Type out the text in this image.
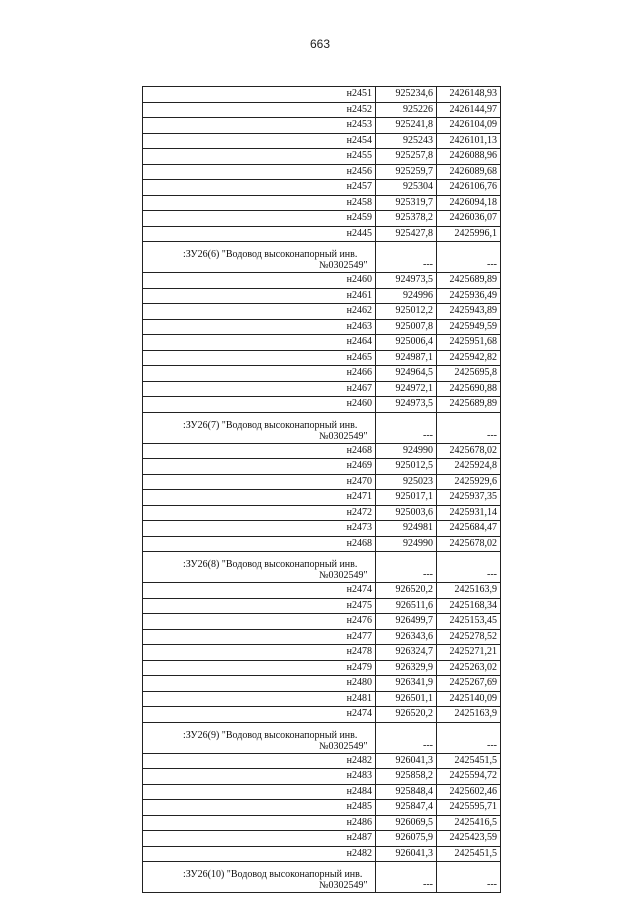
663
н2451	925234,6	2426148,93
н2452	925226	2426144,97
н2453	925241,8	2426104,09
н2454	925243	2426101,13
н2455	925257,8	2426088,96
н2456	925259,7	2426089,68
н2457	925304	2426106,76
н2458	925319,7	2426094,18
н2459	925378,2	2426036,07
н2445	925427,8	2425996,1

:ЗУ26(6) "Водовод высоконапорный инв.
№0302549"	---	---
н2460	924973,5	2425689,89
н2461	924996	2425936,49
н2462	925012,2	2425943,89
н2463	925007,8	2425949,59
н2464	925006,4	2425951,68
н2465	924987,1	2425942,82
н2466	924964,5	2425695,8
н2467	924972,1	2425690,88
н2460	924973,5	2425689,89

:ЗУ26(7) "Водовод высоконапорный инв.
№0302549"	---	---
н2468	924990	2425678,02
н2469	925012,5	2425924,8
н2470	925023	2425929,6
н2471	925017,1	2425937,35
н2472	925003,6	2425931,14
н2473	924981	2425684,47
н2468	924990	2425678,02

:ЗУ26(8) "Водовод высоконапорный инв.
№0302549"	---	---
н2474	926520,2	2425163,9
н2475	926511,6	2425168,34
н2476	926499,7	2425153,45
н2477	926343,6	2425278,52
н2478	926324,7	2425271,21
н2479	926329,9	2425263,02
н2480	926341,9	2425267,69
н2481	926501,1	2425140,09
н2474	926520,2	2425163,9

:ЗУ26(9) "Водовод высоконапорный инв.
№0302549"	---	---
н2482	926041,3	2425451,5
н2483	925858,2	2425594,72
н2484	925848,4	2425602,46
н2485	925847,4	2425595,71
н2486	926069,5	2425416,5
н2487	926075,9	2425423,59
н2482	926041,3	2425451,5

:ЗУ26(10) "Водовод высоконапорный инв.
№0302549"	---	---
